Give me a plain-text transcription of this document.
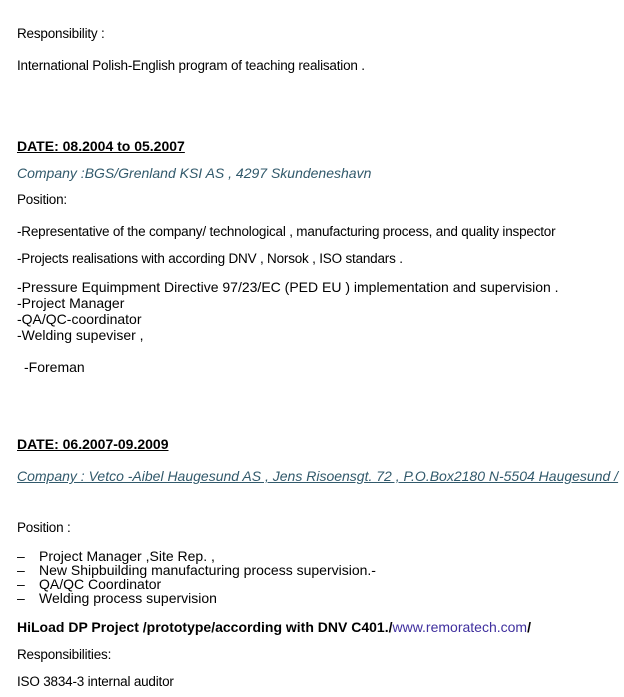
Responsibility :
International Polish-English program of teaching realisation .
DATE: 08.2004 to 05.2007
Company :BGS/Grenland KSI AS , 4297 Skundeneshavn
Position:
-Representative of the company/ technological , manufacturing process, and quality inspector
-Projects realisations with according DNV , Norsok , ISO standars .
-Pressure Equimpment Directive 97/23/EC (PED EU ) implementation and supervision .
-Project Manager
-QA/QC-coordinator
-Welding supeviser ,
-Foreman
DATE: 06.2007-09.2009
Company : Vetco -Aibel Haugesund AS , Jens Risoensgt. 72 , P.O.Box2180 N-5504 Haugesund /
Position :
– Project Manager ,Site Rep. ,
– New Shipbuilding manufacturing process supervision.-
– QA/QC Coordinator
– Welding process supervision
HiLoad DP Project /prototype/according with DNV C401./www.remoratech.com/
Responsibilities:
ISO 3834-3 internal auditor
